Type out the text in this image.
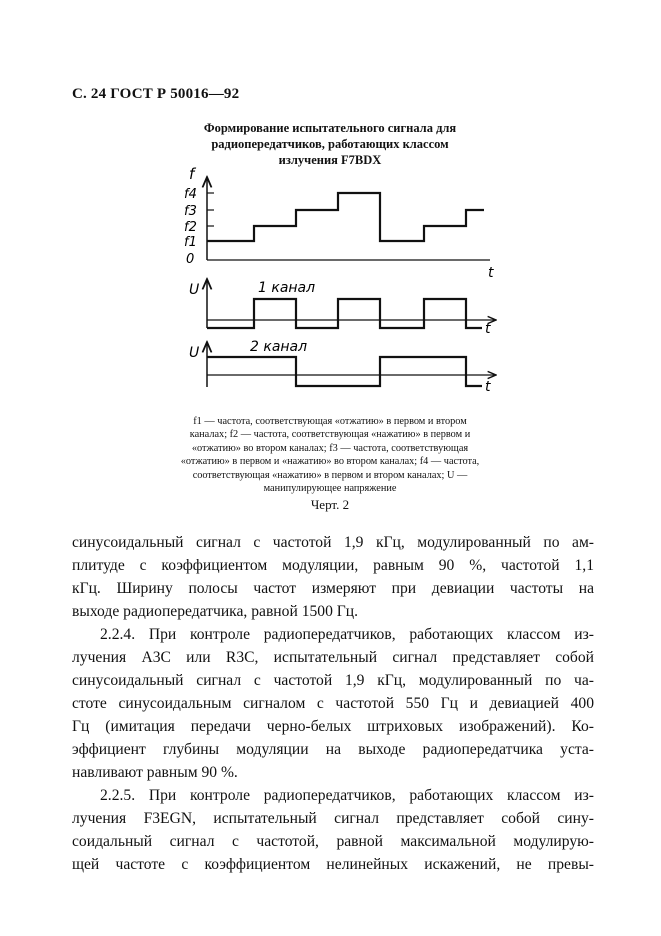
С. 24 ГОСТ Р 50016—92
Формирование испытательного сигнала для
радиопередатчиков, работающих классом
излучения F7BDX
f
f4
f3
f2
f1
0
t
U	1 канал
t
U	2 канал
t
f1 — частота, соответствующая «отжатию» в первом и втором
каналах; f2 — частота, соответствующая «нажатию» в первом и
«отжатию» во втором каналах; f3 — частота, соответствующая
«отжатию» в первом и «нажатию» во втором каналах; f4 — частота,
соответствующая «нажатию» в первом и втором каналах; U —
манипулирующее напряжение
Черт. 2
синусоидальный сигнал с частотой 1,9 кГц, модулированный по ам-
плитуде с коэффициентом модуляции, равным 90 %, частотой 1,1
кГц. Ширину полосы частот измеряют при девиации частоты на
выходе радиопередатчика, равной 1500 Гц.
2.2.4. При контроле радиопередатчиков, работающих классом из-
лучения А3С или R3C, испытательный сигнал представляет собой
синусоидальный сигнал с частотой 1,9 кГц, модулированный по ча-
стоте синусоидальным сигналом с частотой 550 Гц и девиацией 400
Гц (имитация передачи черно-белых штриховых изображений). Ко-
эффициент глубины модуляции на выходе радиопередатчика уста-
навливают равным 90 %.
2.2.5. При контроле радиопередатчиков, работающих классом из-
лучения F3EGN, испытательный сигнал представляет собой сину-
соидальный сигнал с частотой, равной максимальной модулирую-
щей частоте с коэффициентом нелинейных искажений, не превы-
